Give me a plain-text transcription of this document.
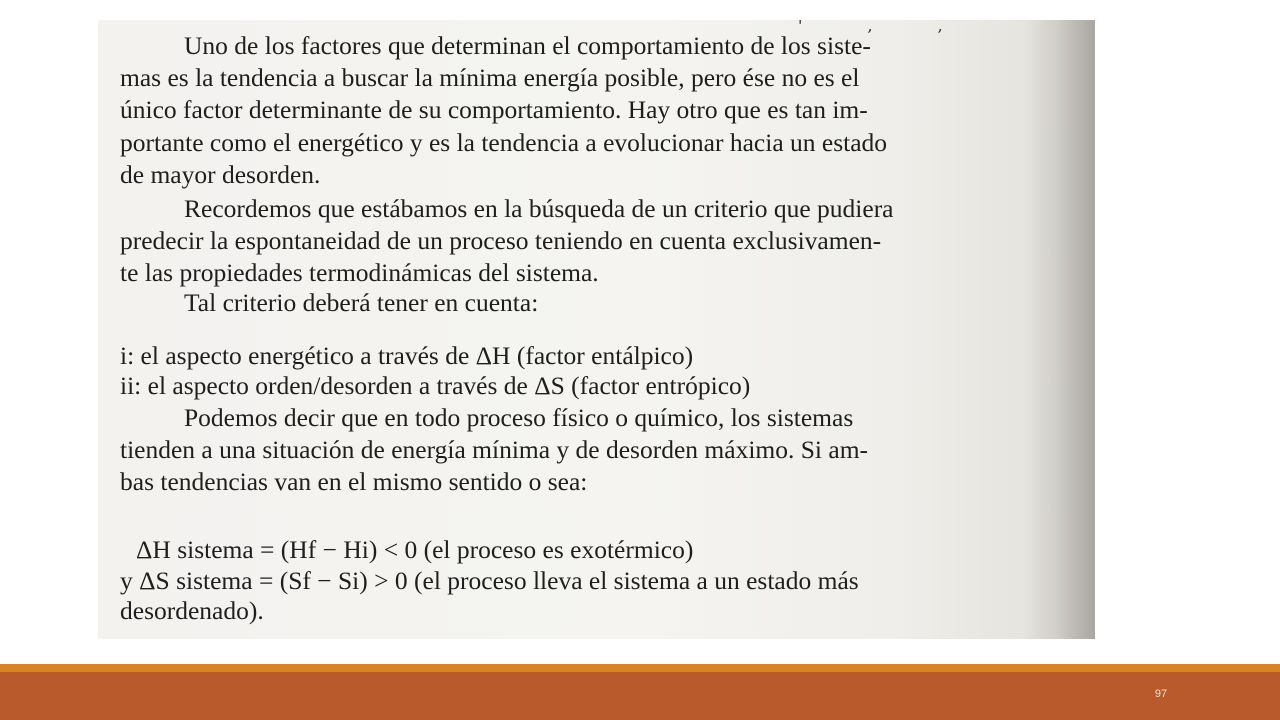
' , ,
Uno de los factores que determinan el comportamiento de los siste-
mas es la tendencia a buscar la mínima energía posible, pero ése no es el
único factor determinante de su comportamiento. Hay otro que es tan im-
portante como el energético y es la tendencia a evolucionar hacia un estado
de mayor desorden.
Recordemos que estábamos en la búsqueda de un criterio que pudiera
predecir la espontaneidad de un proceso teniendo en cuenta exclusivamen-
te las propiedades termodinámicas del sistema.
Tal criterio deberá tener en cuenta:
i: el aspecto energético a través de ΔH (factor entálpico)
ii: el aspecto orden/desorden a través de ΔS (factor entrópico)
Podemos decir que en todo proceso físico o químico, los sistemas
tienden a una situación de energía mínima y de desorden máximo. Si am-
bas tendencias van en el mismo sentido o sea:
ΔH sistema = (Hf − Hi) < 0 (el proceso es exotérmico)
y ΔS sistema = (Sf − Si) > 0 (el proceso lleva el sistema a un estado más
desordenado).
97
